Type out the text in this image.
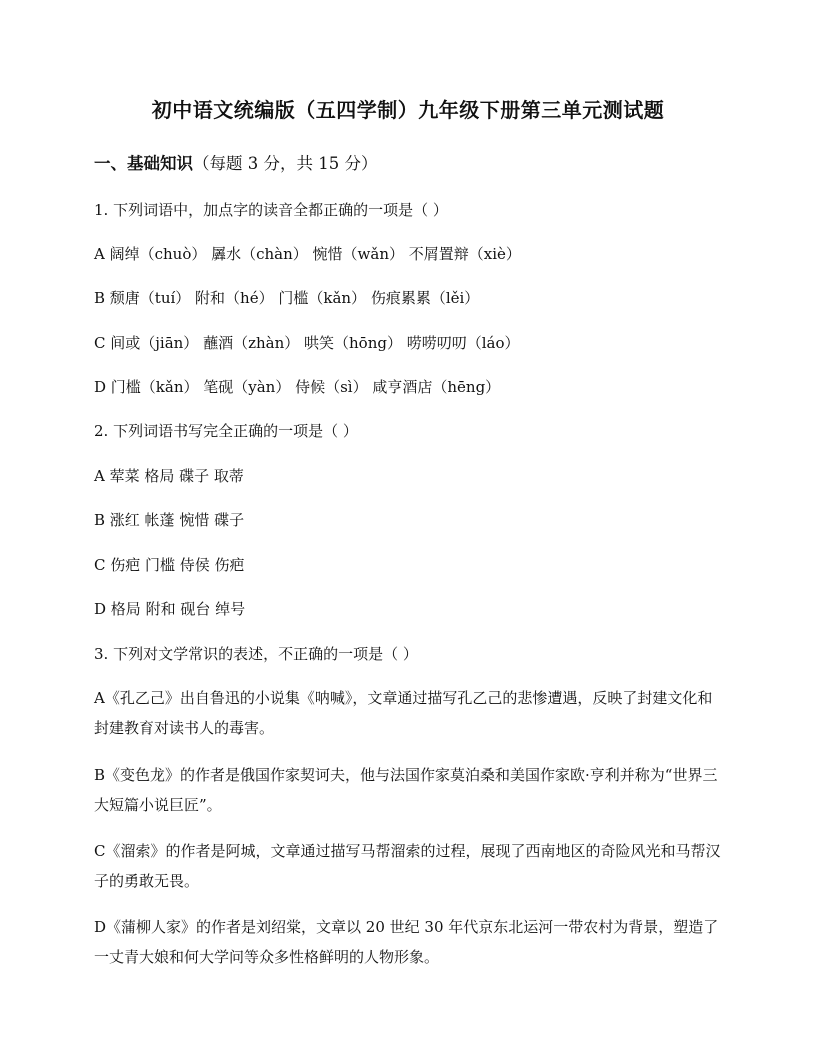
初中语文统编版（五四学制）九年级下册第三单元测试题
一、基础知识（每题 3 分，共 15 分）
1. 下列词语中，加点字的读音全都正确的一项是（ ）
A 阔绰（chuò） 羼水（chàn） 惋惜（wǎn） 不屑置辩（xiè）
B 颓唐（tuí） 附和（hé） 门槛（kǎn） 伤痕累累（lěi）
C 间或（jiān） 蘸酒（zhàn） 哄笑（hōng） 唠唠叨叨（láo）
D 门槛（kǎn） 笔砚（yàn） 侍候（sì） 咸亨酒店（hēng）
2. 下列词语书写完全正确的一项是（ ）
A 荤菜 格局 碟子 取蒂
B 涨红 帐蓬 惋惜 碟子
C 伤疤 门槛 侍侯 伤疤
D 格局 附和 砚台 绰号
3. 下列对文学常识的表述，不正确的一项是（ ）
A《孔乙己》出自鲁迅的小说集《呐喊》，文章通过描写孔乙己的悲惨遭遇，反映了封建文化和封建教育对读书人的毒害。
B《变色龙》的作者是俄国作家契诃夫，他与法国作家莫泊桑和美国作家欧·亨利并称为“世界三大短篇小说巨匠”。
C《溜索》的作者是阿城，文章通过描写马帮溜索的过程，展现了西南地区的奇险风光和马帮汉子的勇敢无畏。
D《蒲柳人家》的作者是刘绍棠，文章以 20 世纪 30 年代京东北运河一带农村为背景，塑造了一丈青大娘和何大学问等众多性格鲜明的人物形象。
